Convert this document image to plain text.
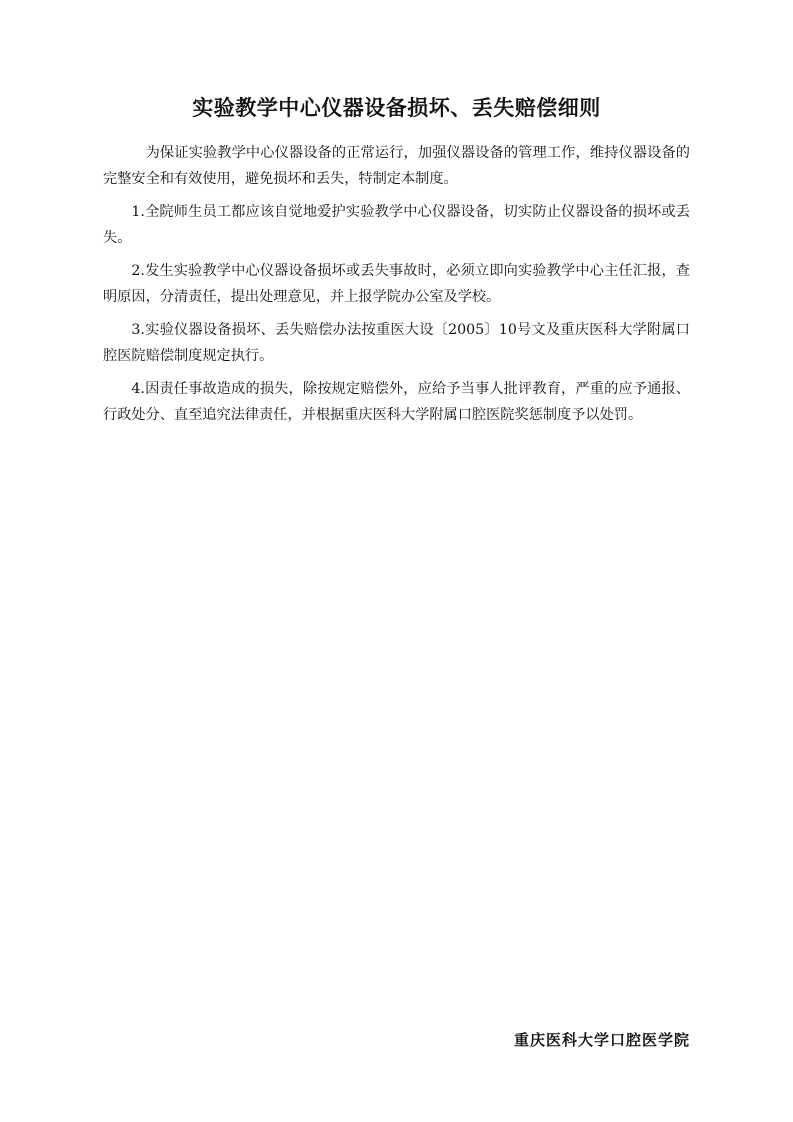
实验教学中心仪器设备损坏、丢失赔偿细则

为保证实验教学中心仪器设备的正常运行，加强仪器设备的管理工作，维持仪器设备的完整安全和有效使用，避免损坏和丢失，特制定本制度。

1.全院师生员工都应该自觉地爱护实验教学中心仪器设备，切实防止仪器设备的损坏或丢失。

2.发生实验教学中心仪器设备损坏或丢失事故时，必须立即向实验教学中心主任汇报，查明原因，分清责任，提出处理意见，并上报学院办公室及学校。

3.实验仪器设备损坏、丢失赔偿办法按重医大设〔2005〕10号文及重庆医科大学附属口腔医院赔偿制度规定执行。

4.因责任事故造成的损失，除按规定赔偿外，应给予当事人批评教育，严重的应予通报、行政处分、直至追究法律责任，并根据重庆医科大学附属口腔医院奖惩制度予以处罚。

重庆医科大学口腔医学院
